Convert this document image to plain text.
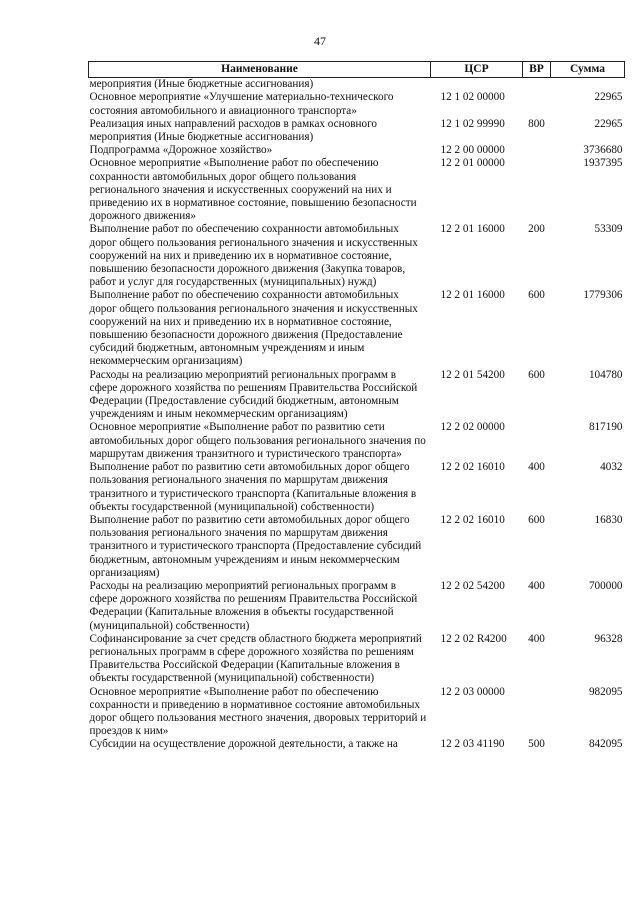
47
Наименование	ЦСР	ВР	Сумма
мероприятия (Иные бюджетные ассигнования)			
Основное мероприятие «Улучшение материально-технического состояния автомобильного и авиационного транспорта»	12 1 02 00000		22965
Реализация иных направлений расходов в рамках основного мероприятия (Иные бюджетные ассигнования)	12 1 02 99990	800	22965
Подпрограмма «Дорожное хозяйство»	12 2 00 00000		3736680
Основное мероприятие «Выполнение работ по обеспечению сохранности автомобильных дорог общего пользования регионального значения и искусственных сооружений на них и приведению их в нормативное состояние, повышению безопасности дорожного движения»	12 2 01 00000		1937395
Выполнение работ по обеспечению сохранности автомобильных дорог общего пользования регионального значения и искусственных сооружений на них и приведению их в нормативное состояние, повышению безопасности дорожного движения (Закупка товаров, работ и услуг для государственных (муниципальных) нужд)	12 2 01 16000	200	53309
Выполнение работ по обеспечению сохранности автомобильных дорог общего пользования регионального значения и искусственных сооружений на них и приведению их в нормативное состояние, повышению безопасности дорожного движения (Предоставление субсидий бюджетным, автономным учреждениям и иным некоммерческим организациям)	12 2 01 16000	600	1779306
Расходы на реализацию мероприятий региональных программ в сфере дорожного хозяйства по решениям Правительства Российской Федерации (Предоставление субсидий бюджетным, автономным учреждениям и иным некоммерческим организациям)	12 2 01 54200	600	104780
Основное мероприятие «Выполнение работ по развитию сети автомобильных дорог общего пользования регионального значения по маршрутам движения транзитного и туристического транспорта»	12 2 02 00000		817190
Выполнение работ по развитию сети автомобильных дорог общего пользования регионального значения по маршрутам движения транзитного и туристического транспорта (Капитальные вложения в объекты государственной (муниципальной) собственности)	12 2 02 16010	400	4032
Выполнение работ по развитию сети автомобильных дорог общего пользования регионального значения по маршрутам движения транзитного и туристического транспорта (Предоставление субсидий бюджетным, автономным учреждениям и иным некоммерческим организациям)	12 2 02 16010	600	16830
Расходы на реализацию мероприятий региональных программ в сфере дорожного хозяйства по решениям Правительства Российской Федерации (Капитальные вложения в объекты государственной (муниципальной) собственности)	12 2 02 54200	400	700000
Софинансирование за счет средств областного бюджета мероприятий региональных программ в сфере дорожного хозяйства по решениям Правительства Российской Федерации (Капитальные вложения в объекты государственной (муниципальной) собственности)	12 2 02 R4200	400	96328
Основное мероприятие «Выполнение работ по обеспечению сохранности и приведению в нормативное состояние автомобильных дорог общего пользования местного значения, дворовых территорий и проездов к ним»	12 2 03 00000		982095
Субсидии на осуществление дорожной деятельности, а также на	12 2 03 41190	500	842095
